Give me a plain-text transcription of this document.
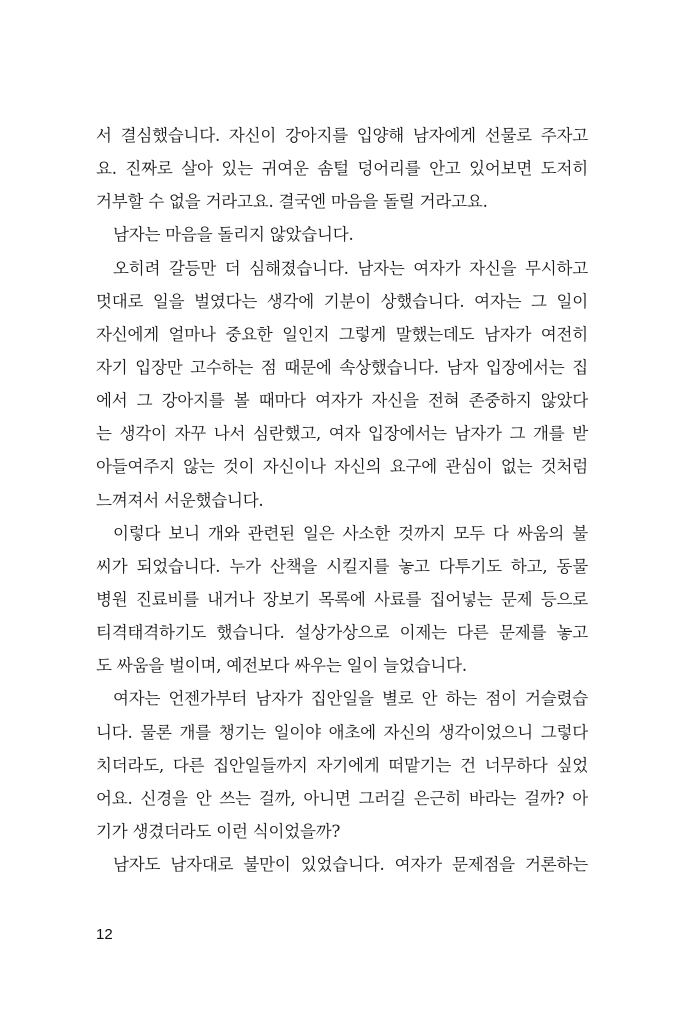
서 결심했습니다. 자신이 강아지를 입양해 남자에게 선물로 주자고
요. 진짜로 살아 있는 귀여운 솜털 덩어리를 안고 있어보면 도저히
거부할 수 없을 거라고요. 결국엔 마음을 돌릴 거라고요.
남자는 마음을 돌리지 않았습니다.
오히려 갈등만 더 심해졌습니다. 남자는 여자가 자신을 무시하고
멋대로 일을 벌였다는 생각에 기분이 상했습니다. 여자는 그 일이
자신에게 얼마나 중요한 일인지 그렇게 말했는데도 남자가 여전히
자기 입장만 고수하는 점 때문에 속상했습니다. 남자 입장에서는 집
에서 그 강아지를 볼 때마다 여자가 자신을 전혀 존중하지 않았다
는 생각이 자꾸 나서 심란했고, 여자 입장에서는 남자가 그 개를 받
아들여주지 않는 것이 자신이나 자신의 요구에 관심이 없는 것처럼
느껴져서 서운했습니다.
이렇다 보니 개와 관련된 일은 사소한 것까지 모두 다 싸움의 불
씨가 되었습니다. 누가 산책을 시킬지를 놓고 다투기도 하고, 동물
병원 진료비를 내거나 장보기 목록에 사료를 집어넣는 문제 등으로
티격태격하기도 했습니다. 설상가상으로 이제는 다른 문제를 놓고
도 싸움을 벌이며, 예전보다 싸우는 일이 늘었습니다.
여자는 언젠가부터 남자가 집안일을 별로 안 하는 점이 거슬렸습
니다. 물론 개를 챙기는 일이야 애초에 자신의 생각이었으니 그렇다
치더라도, 다른 집안일들까지 자기에게 떠맡기는 건 너무하다 싶었
어요. 신경을 안 쓰는 걸까, 아니면 그러길 은근히 바라는 걸까? 아
기가 생겼더라도 이런 식이었을까?
남자도 남자대로 불만이 있었습니다. 여자가 문제점을 거론하는
12
